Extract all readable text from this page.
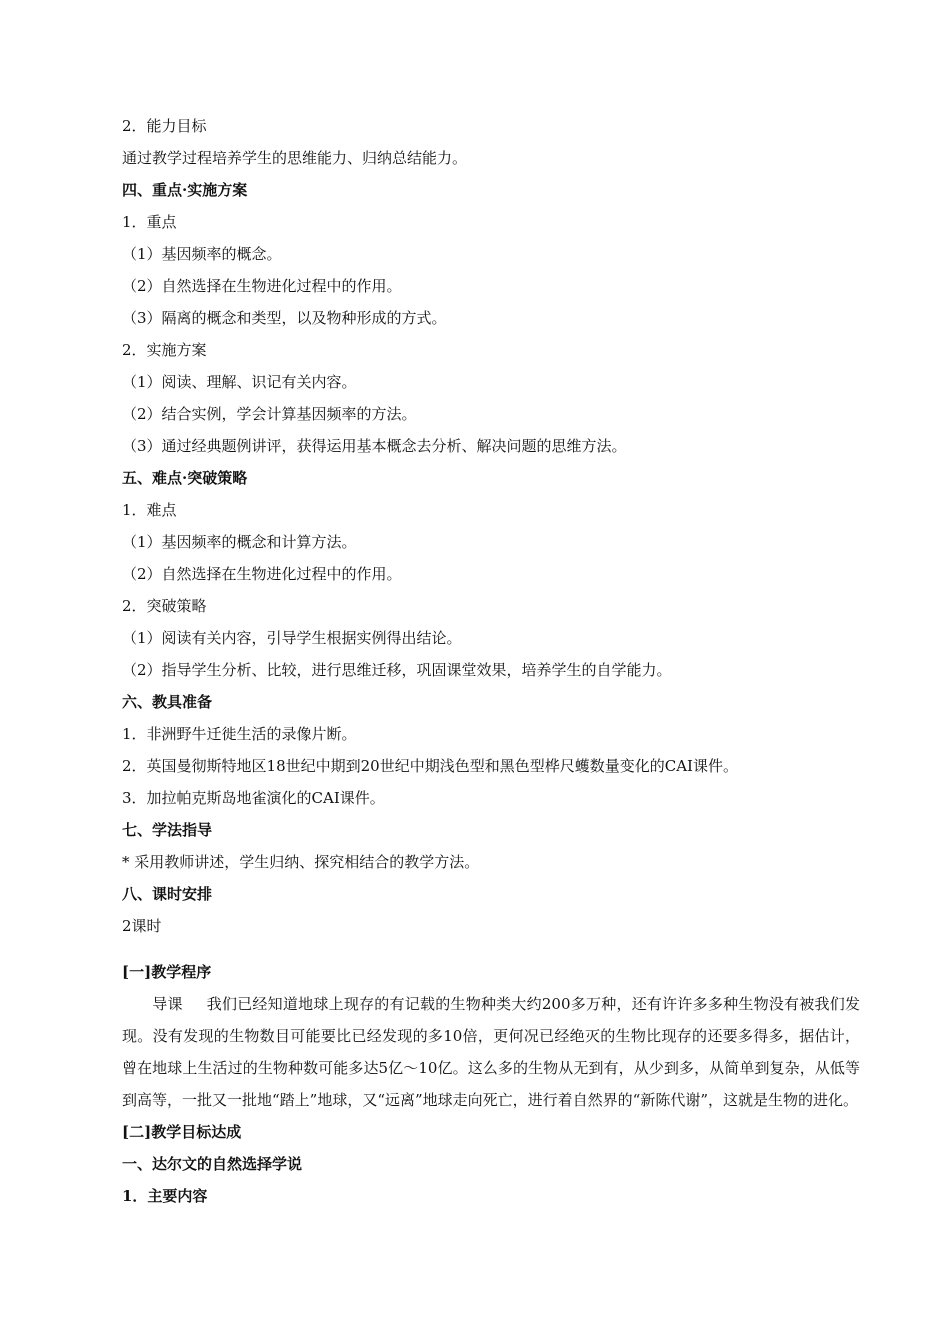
2．能力目标
通过教学过程培养学生的思维能力、归纳总结能力。
四、重点·实施方案
1．重点
（1）基因频率的概念。
（2）自然选择在生物进化过程中的作用。
（3）隔离的概念和类型，以及物种形成的方式。
2．实施方案
（1）阅读、理解、识记有关内容。
（2）结合实例，学会计算基因频率的方法。
（3）通过经典题例讲评，获得运用基本概念去分析、解决问题的思维方法。
五、难点·突破策略
1．难点
（1）基因频率的概念和计算方法。
（2）自然选择在生物进化过程中的作用。
2．突破策略
（1）阅读有关内容，引导学生根据实例得出结论。
（2）指导学生分析、比较，进行思维迁移，巩固课堂效果，培养学生的自学能力。
六、教具准备
1．非洲野牛迁徙生活的录像片断。
2．英国曼彻斯特地区18世纪中期到20世纪中期浅色型和黑色型桦尺蠖数量变化的CAI课件。
3．加拉帕克斯岛地雀演化的CAI课件。
七、学法指导
* 采用教师讲述，学生归纳、探究相结合的教学方法。
八、课时安排
2课时
[一]教学程序
导课 我们已经知道地球上现存的有记载的生物种类大约200多万种，还有许许多多种生物没有被我们发现。没有发现的生物数目可能要比已经发现的多10倍，更何况已经绝灭的生物比现存的还要多得多，据估计，曾在地球上生活过的生物种数可能多达5亿～10亿。这么多的生物从无到有，从少到多，从简单到复杂，从低等到高等，一批又一批地“踏上”地球，又“远离”地球走向死亡，进行着自然界的“新陈代谢”，这就是生物的进化。
[二]教学目标达成
一、达尔文的自然选择学说
1．主要内容
